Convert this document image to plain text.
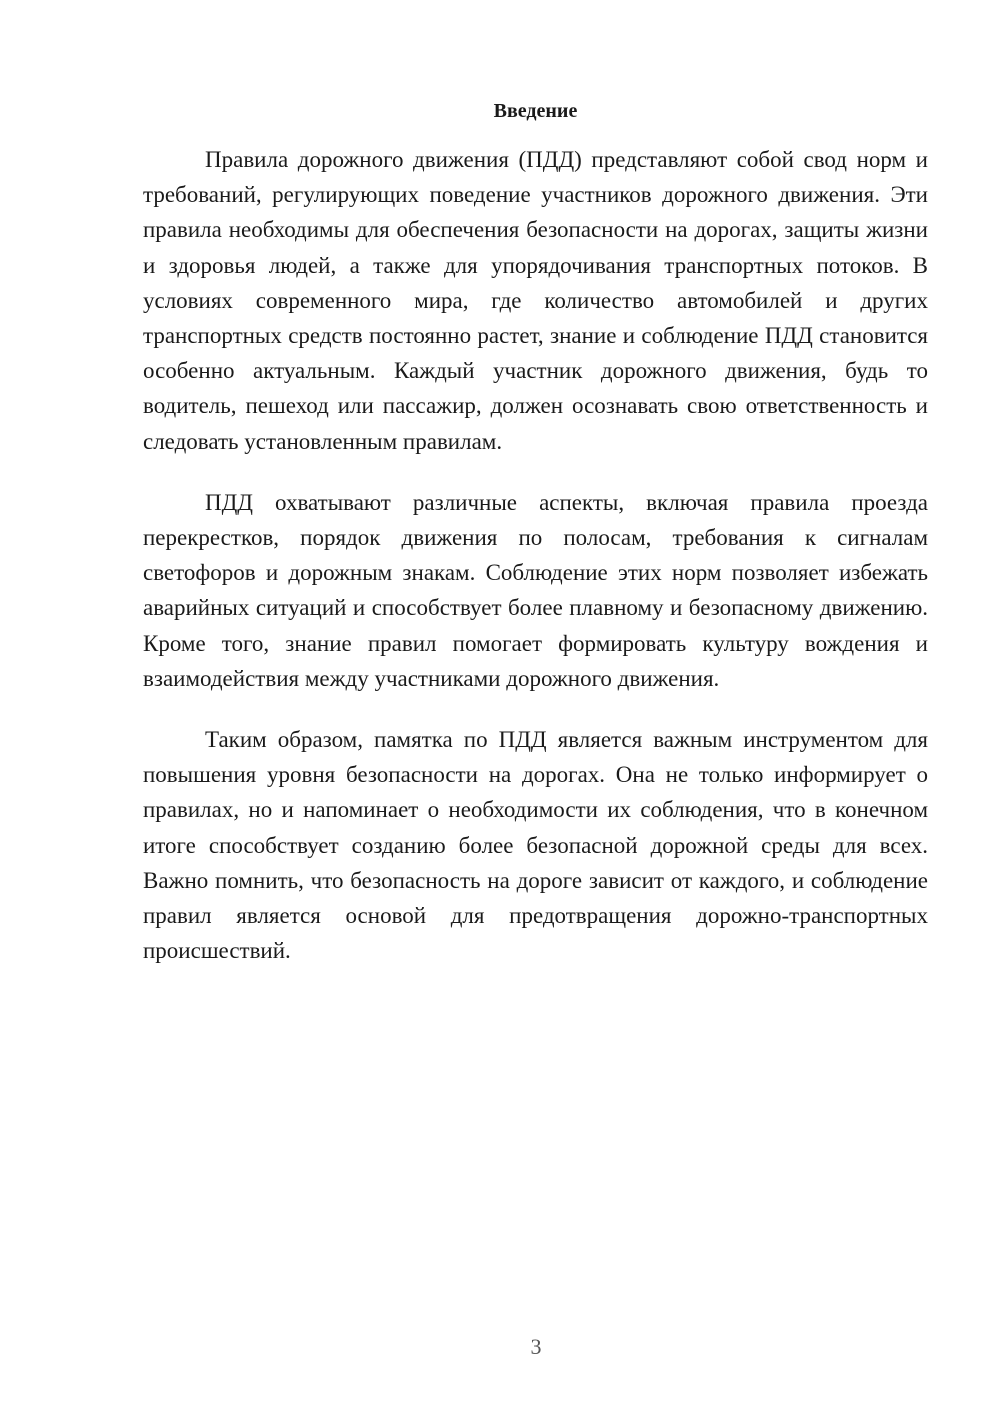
Введение

Правила дорожного движения (ПДД) представляют собой свод норм и требований, регулирующих поведение участников дорожного движения. Эти правила необходимы для обеспечения безопасности на дорогах, защиты жизни и здоровья людей, а также для упорядочивания транспортных потоков. В условиях современного мира, где количество автомобилей и других транспортных средств постоянно растет, знание и соблюдение ПДД становится особенно актуальным. Каждый участник дорожного движения, будь то водитель, пешеход или пассажир, должен осознавать свою ответственность и следовать установленным правилам.

ПДД охватывают различные аспекты, включая правила проезда перекрестков, порядок движения по полосам, требования к сигналам светофоров и дорожным знакам. Соблюдение этих норм позволяет избежать аварийных ситуаций и способствует более плавному и безопасному движению. Кроме того, знание правил помогает формировать культуру вождения и взаимодействия между участниками дорожного движения.

Таким образом, памятка по ПДД является важным инструментом для повышения уровня безопасности на дорогах. Она не только информирует о правилах, но и напоминает о необходимости их соблюдения, что в конечном итоге способствует созданию более безопасной дорожной среды для всех. Важно помнить, что безопасность на дороге зависит от каждого, и соблюдение правил является основой для предотвращения дорожно-транспортных происшествий.

3
